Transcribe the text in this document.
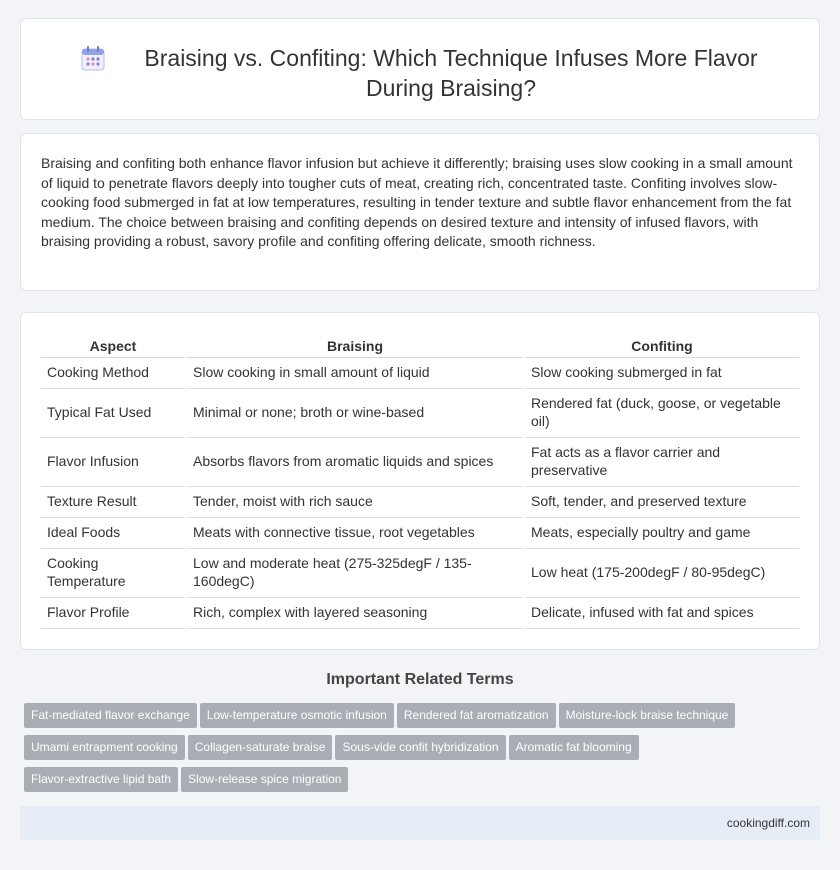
Braising vs. Confiting: Which Technique Infuses More Flavor During Braising?

Braising and confiting both enhance flavor infusion but achieve it differently; braising uses slow cooking in a small amount of liquid to penetrate flavors deeply into tougher cuts of meat, creating rich, concentrated taste. Confiting involves slow-cooking food submerged in fat at low temperatures, resulting in tender texture and subtle flavor enhancement from the fat medium. The choice between braising and confiting depends on desired texture and intensity of infused flavors, with braising providing a robust, savory profile and confiting offering delicate, smooth richness.

Aspect	Braising	Confiting
Cooking Method	Slow cooking in small amount of liquid	Slow cooking submerged in fat
Typical Fat Used	Minimal or none; broth or wine-based	Rendered fat (duck, goose, or vegetable oil)
Flavor Infusion	Absorbs flavors from aromatic liquids and spices	Fat acts as a flavor carrier and preservative
Texture Result	Tender, moist with rich sauce	Soft, tender, and preserved texture
Ideal Foods	Meats with connective tissue, root vegetables	Meats, especially poultry and game
Cooking Temperature	Low and moderate heat (275-325degF / 135-160degC)	Low heat (175-200degF / 80-95degC)
Flavor Profile	Rich, complex with layered seasoning	Delicate, infused with fat and spices
Important Related Terms
Fat-mediated flavor exchange Low-temperature osmotic infusion Rendered fat aromatization Moisture-lock braise technique
Umami entrapment cooking Collagen-saturate braise Sous-vide confit hybridization Aromatic fat blooming
Flavor-extractive lipid bath Slow-release spice migration
cookingdiff.com
